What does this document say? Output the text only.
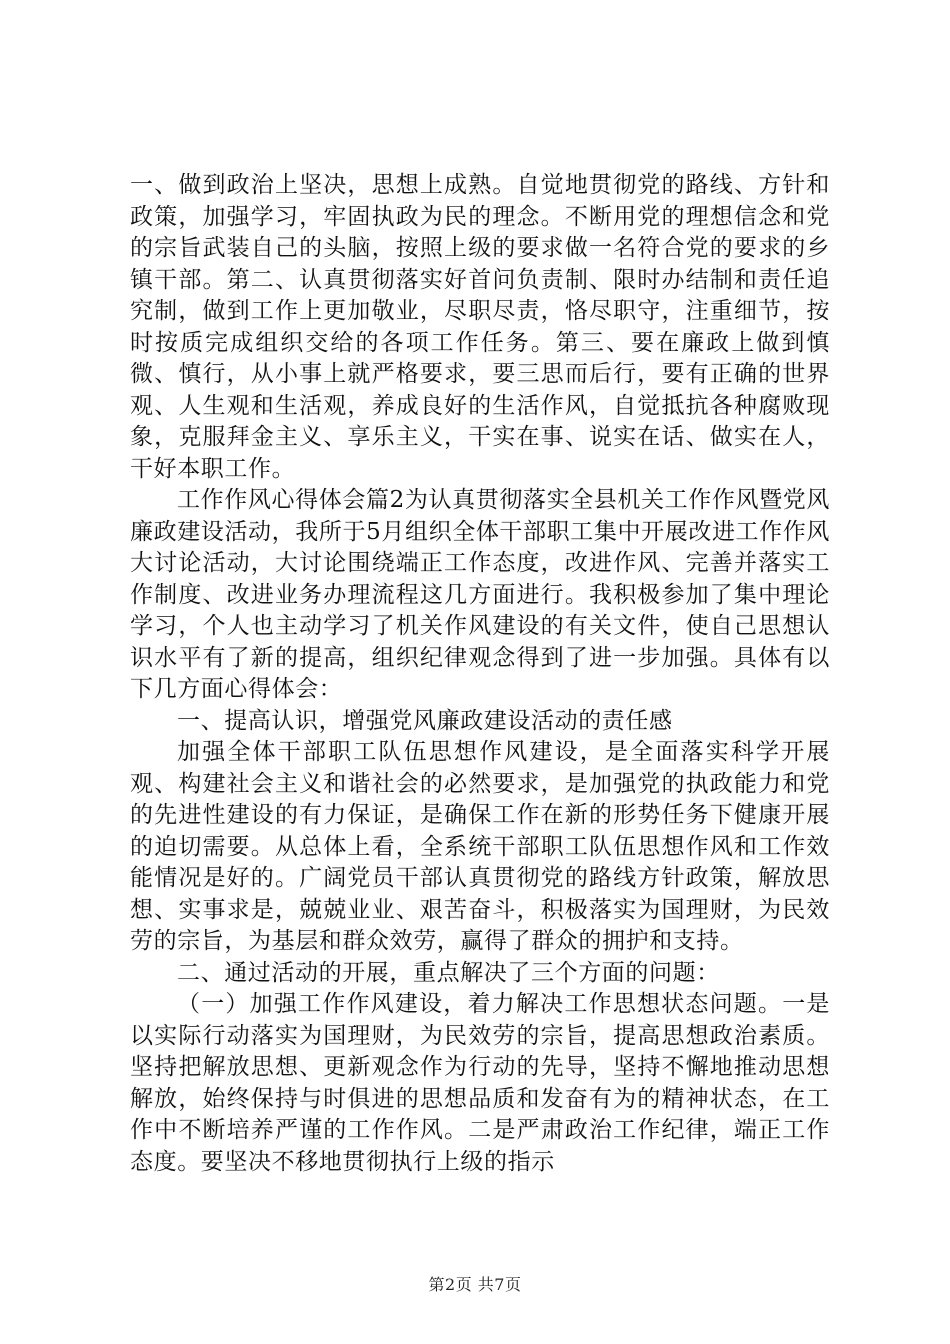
一、做到政治上坚决，思想上成熟。自觉地贯彻党的路线、方针和政策，加强学习，牢固执政为民的理念。不断用党的理想信念和党的宗旨武装自己的头脑，按照上级的要求做一名符合党的要求的乡镇干部。第二、认真贯彻落实好首问负责制、限时办结制和责任追究制，做到工作上更加敬业，尽职尽责，恪尽职守，注重细节，按时按质完成组织交给的各项工作任务。第三、要在廉政上做到慎微、慎行，从小事上就严格要求，要三思而后行，要有正确的世界观、人生观和生活观，养成良好的生活作风，自觉抵抗各种腐败现象，克服拜金主义、享乐主义，干实在事、说实在话、做实在人，干好本职工作。

工作作风心得体会篇2为认真贯彻落实全县机关工作作风暨党风廉政建设活动，我所于5月组织全体干部职工集中开展改进工作作风大讨论活动，大讨论围绕端正工作态度，改进作风、完善并落实工作制度、改进业务办理流程这几方面进行。我积极参加了集中理论学习，个人也主动学习了机关作风建设的有关文件，使自己思想认识水平有了新的提高，组织纪律观念得到了进一步加强。具体有以下几方面心得体会：

一、提高认识，增强党风廉政建设活动的责任感

加强全体干部职工队伍思想作风建设，是全面落实科学开展观、构建社会主义和谐社会的必然要求，是加强党的执政能力和党的先进性建设的有力保证，是确保工作在新的形势任务下健康开展的迫切需要。从总体上看，全系统干部职工队伍思想作风和工作效能情况是好的。广阔党员干部认真贯彻党的路线方针政策，解放思想、实事求是，兢兢业业、艰苦奋斗，积极落实为国理财，为民效劳的宗旨，为基层和群众效劳，赢得了群众的拥护和支持。

二、通过活动的开展，重点解决了三个方面的问题：

（一）加强工作作风建设，着力解决工作思想状态问题。一是以实际行动落实为国理财，为民效劳的宗旨，提高思想政治素质。坚持把解放思想、更新观念作为行动的先导，坚持不懈地推动思想解放，始终保持与时俱进的思想品质和发奋有为的精神状态，在工作中不断培养严谨的工作作风。二是严肃政治工作纪律，端正工作态度。要坚决不移地贯彻执行上级的指示

第2页 共7页
